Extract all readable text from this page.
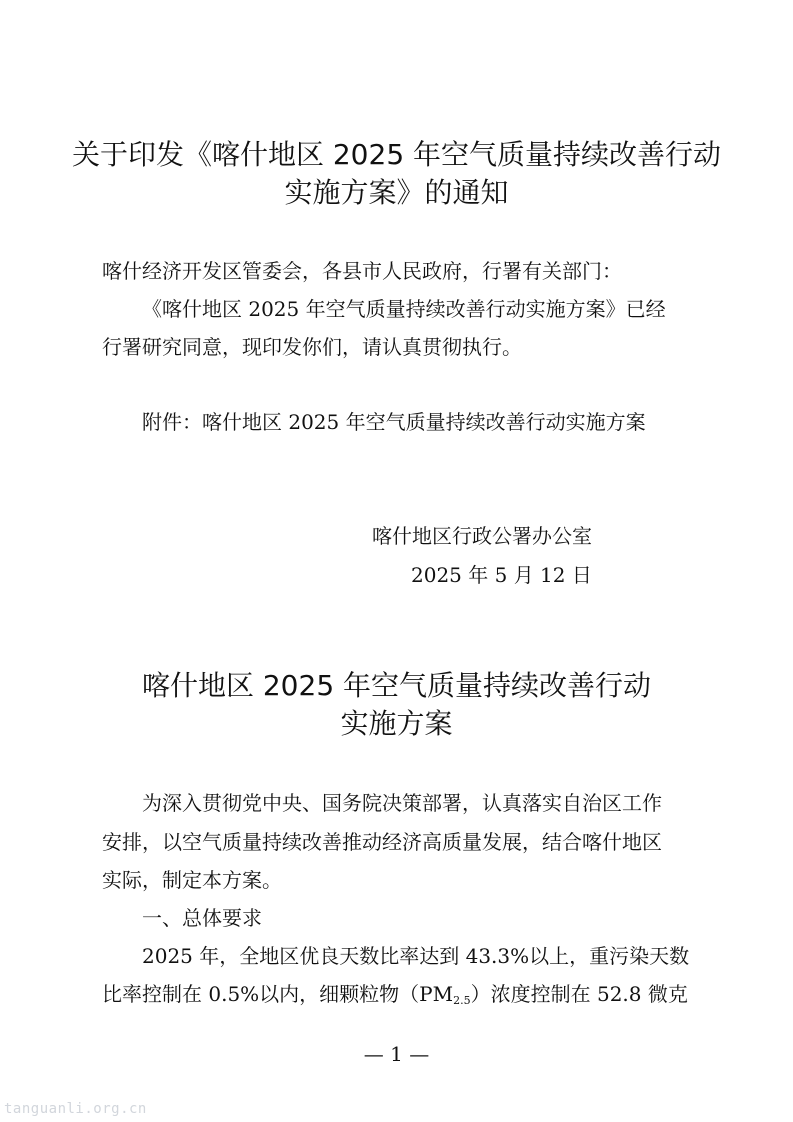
关于印发《喀什地区 2025 年空气质量持续改善行动
实施方案》的通知
喀什经济开发区管委会，各县市人民政府，行署有关部门：
《喀什地区 2025 年空气质量持续改善行动实施方案》已经
行署研究同意，现印发你们，请认真贯彻执行。
附件：喀什地区 2025 年空气质量持续改善行动实施方案
喀什地区行政公署办公室
2025 年 5 月 12 日
喀什地区 2025 年空气质量持续改善行动
实施方案
为深入贯彻党中央、国务院决策部署，认真落实自治区工作
安排，以空气质量持续改善推动经济高质量发展，结合喀什地区
实际，制定本方案。
一、总体要求
2025 年，全地区优良天数比率达到 43.3%以上，重污染天数
比率控制在 0.5%以内，细颗粒物$(PM_{2.5})$浓度控制在 52.8 微克
— 1 —
tanguanli.org.cn
